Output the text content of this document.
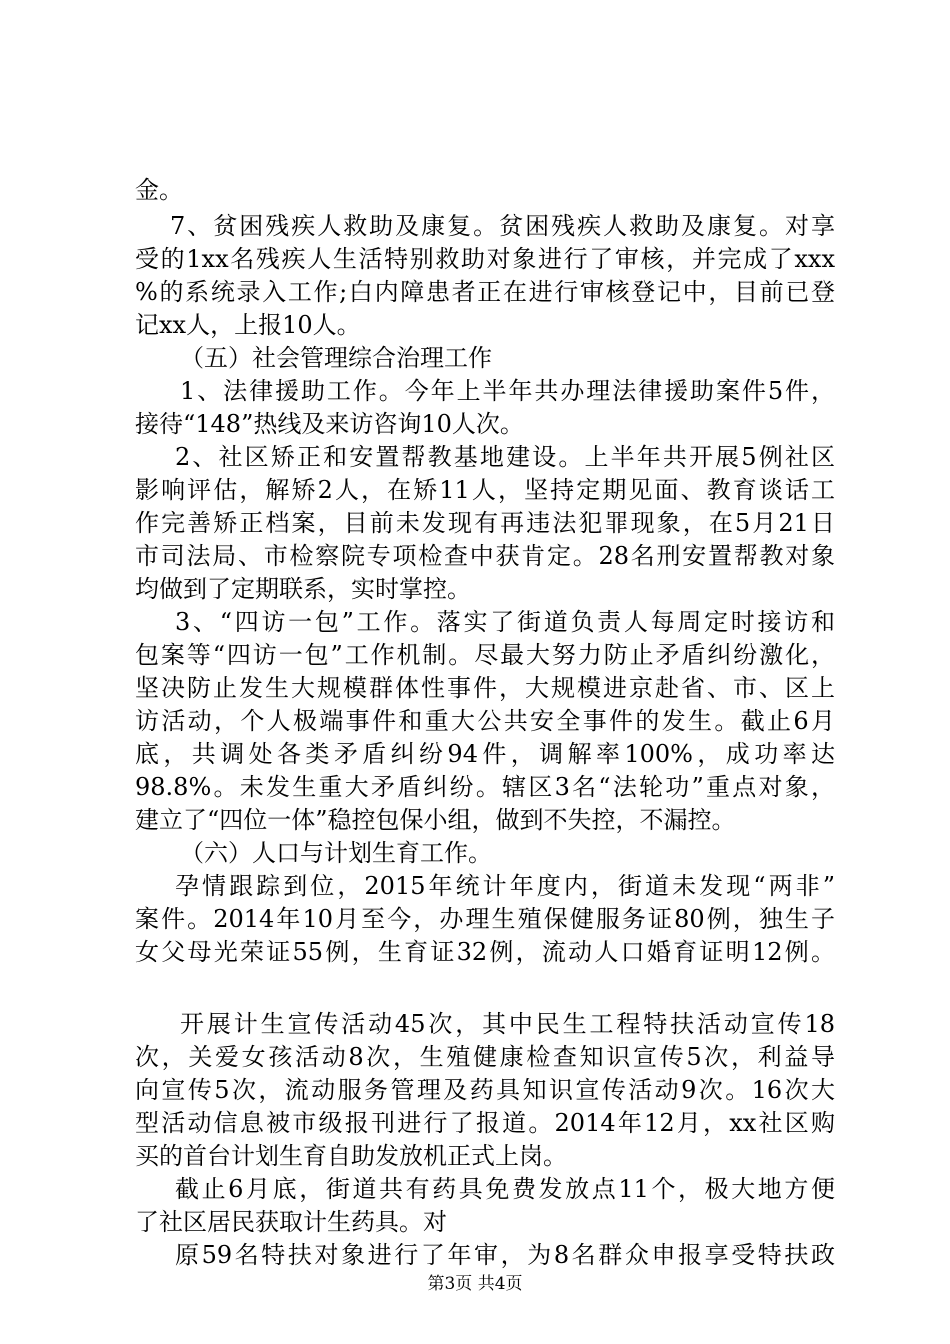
金。
7、贫困残疾人救助及康复。贫困残疾人救助及康复。对享
受的1xx名残疾人生活特别救助对象进行了审核，并完成了xxx
%的系统录入工作;白内障患者正在进行审核登记中，目前已登
记xx人，上报10人。
（五）社会管理综合治理工作
1、法律援助工作。今年上半年共办理法律援助案件5件，
接待“148”热线及来访咨询10人次。
2、社区矫正和安置帮教基地建设。上半年共开展5例社区
影响评估，解矫2人，在矫11人，坚持定期见面、教育谈话工
作完善矫正档案，目前未发现有再违法犯罪现象，在5月21日
市司法局、市检察院专项检查中获肯定。28名刑安置帮教对象
均做到了定期联系，实时掌控。
3、“四访一包”工作。落实了街道负责人每周定时接访和
包案等“四访一包”工作机制。尽最大努力防止矛盾纠纷激化，
坚决防止发生大规模群体性事件，大规模进京赴省、市、区上
访活动，个人极端事件和重大公共安全事件的发生。截止6月
底，共调处各类矛盾纠纷94件，调解率100%，成功率达
98.8%。未发生重大矛盾纠纷。辖区3名“法轮功”重点对象，
建立了“四位一体”稳控包保小组，做到不失控，不漏控。
（六）人口与计划生育工作。
孕情跟踪到位，2015年统计年度内，街道未发现“两非”
案件。2014年10月至今，办理生殖保健服务证80例，独生子
女父母光荣证55例，生育证32例，流动人口婚育证明12例。
开展计生宣传活动45次，其中民生工程特扶活动宣传18
次，关爱女孩活动8次，生殖健康检查知识宣传5次，利益导
向宣传5次，流动服务管理及药具知识宣传活动9次。16次大
型活动信息被市级报刊进行了报道。2014年12月，xx社区购
买的首台计划生育自助发放机正式上岗。
截止6月底，街道共有药具免费发放点11个，极大地方便
了社区居民获取计生药具。对
原59名特扶对象进行了年审，为8名群众申报享受特扶政
第3页 共4页
